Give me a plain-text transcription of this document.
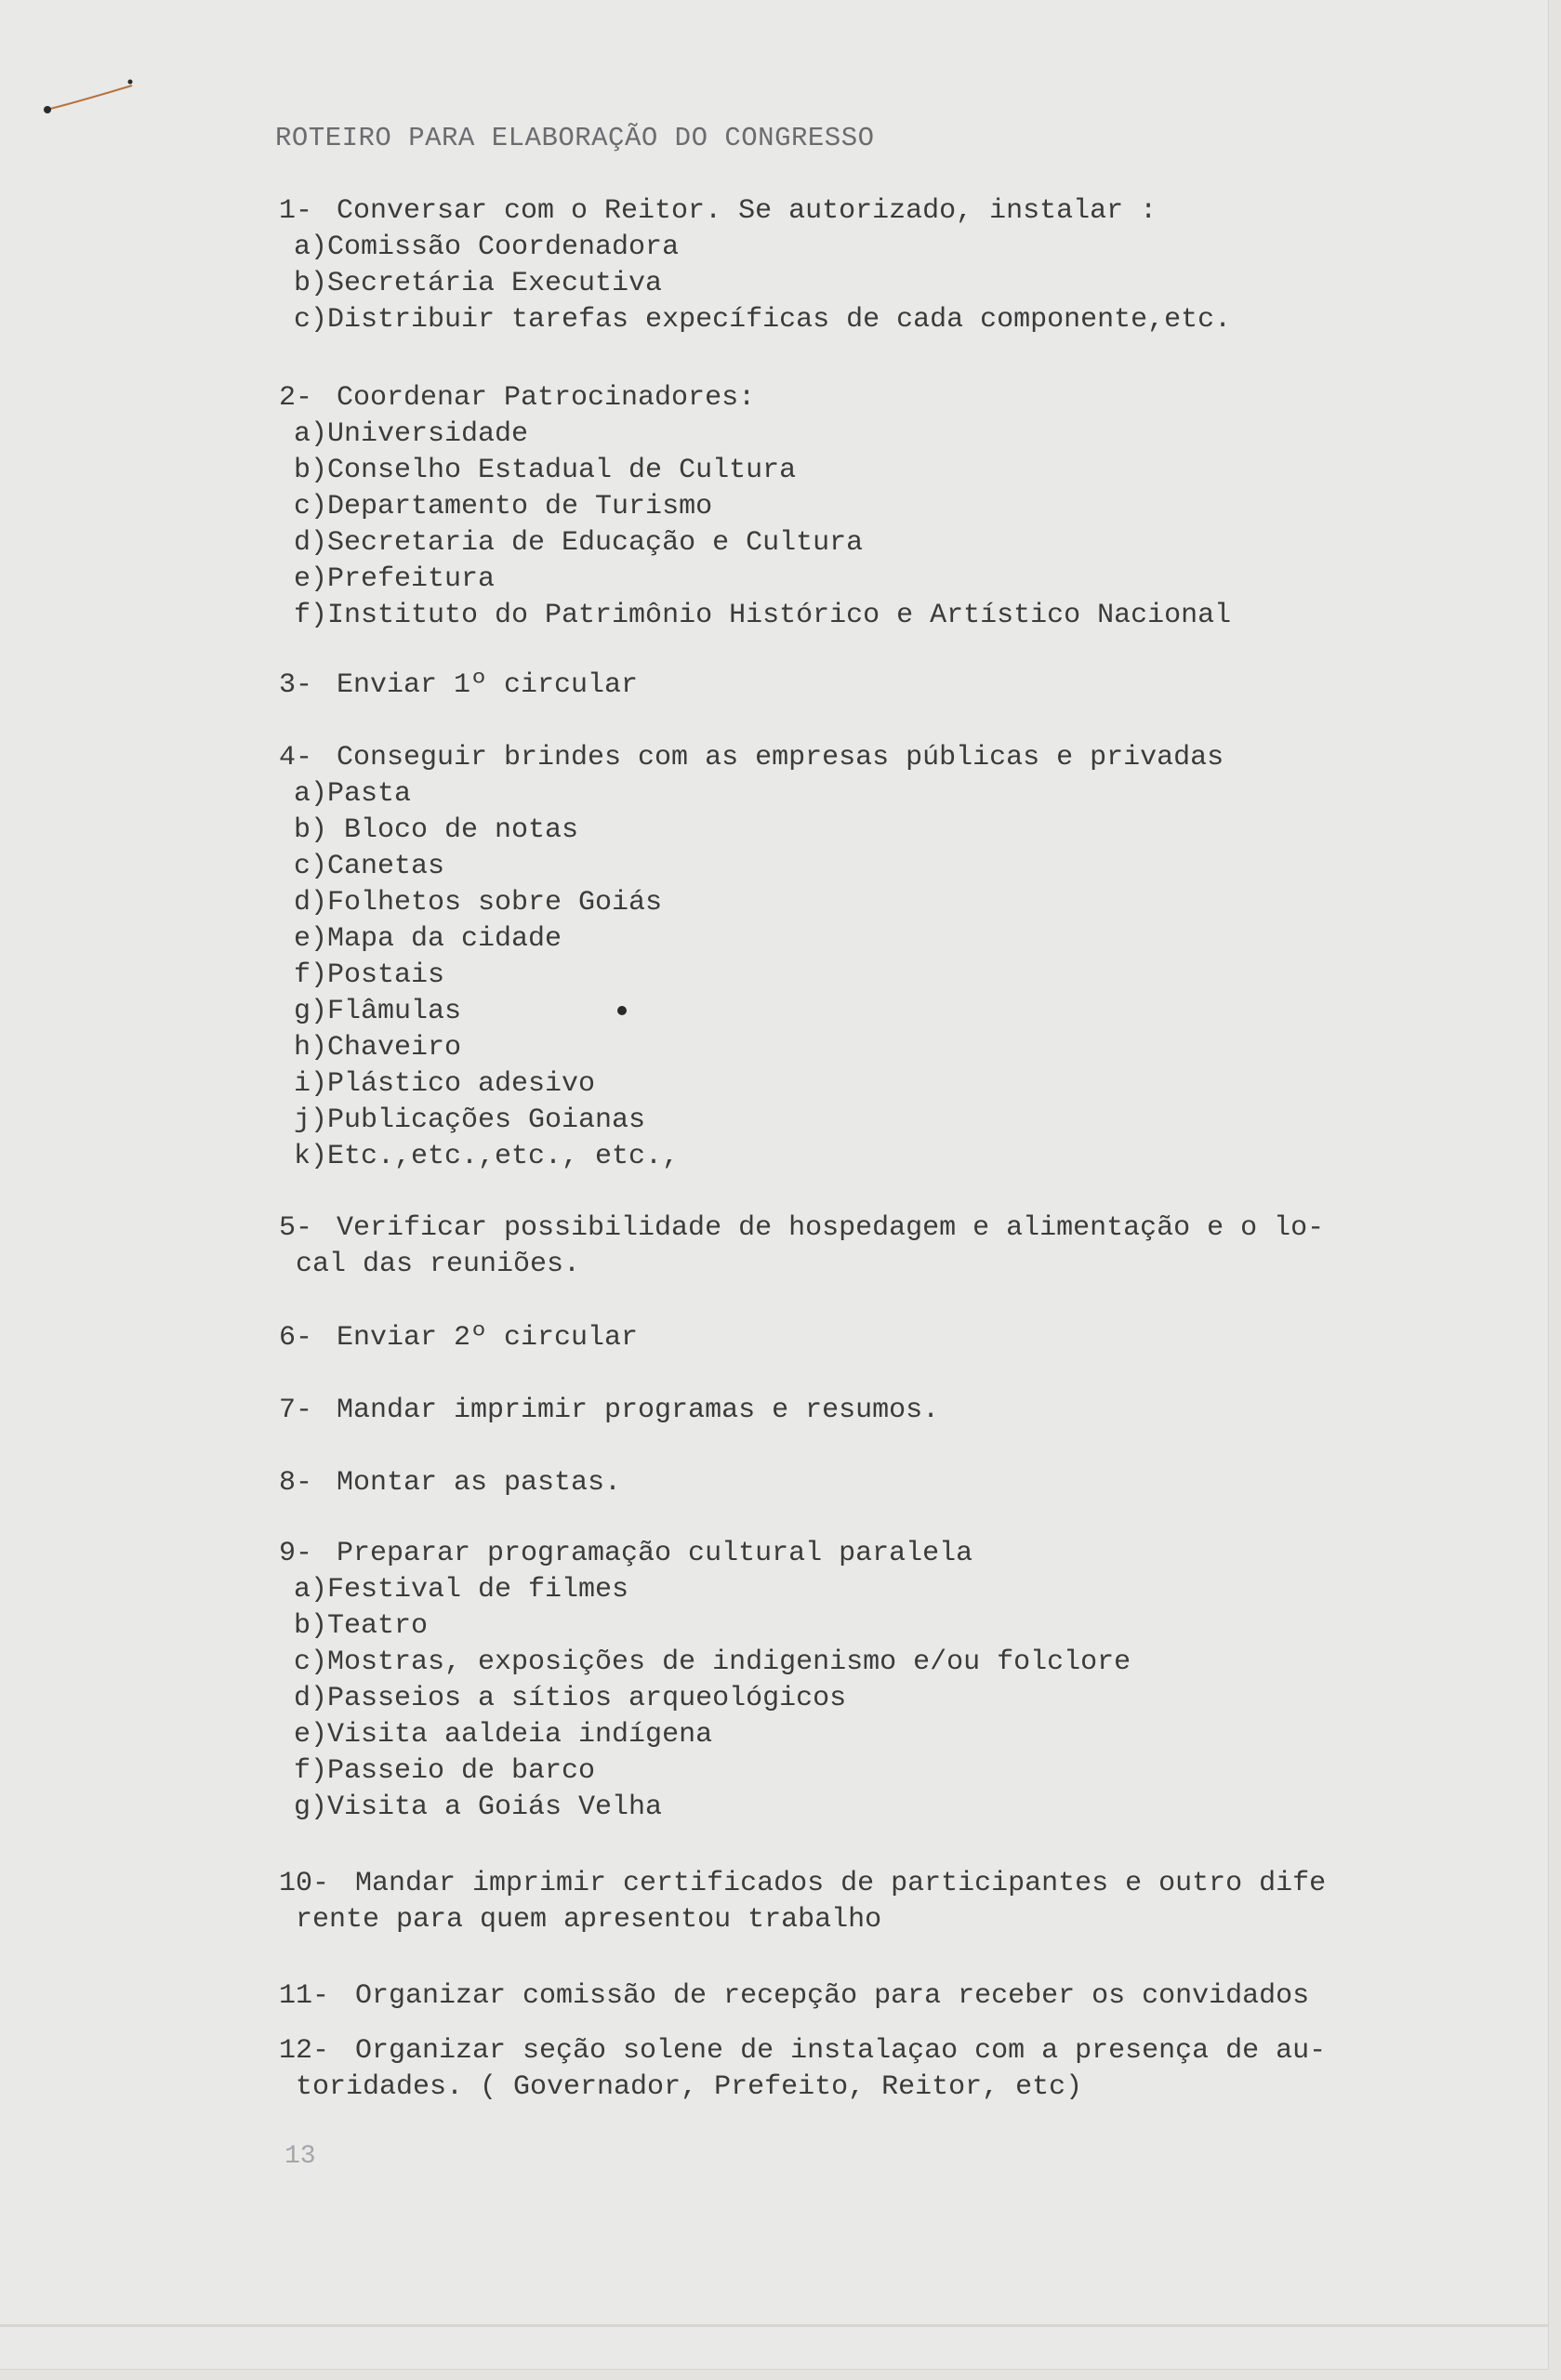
ROTEIRO PARA ELABORAÇÃO DO CONGRESSO
1- Conversar com o Reitor. Se autorizado, instalar :
a)Comissão Coordenadora
b)Secretária Executiva
c)Distribuir tarefas expecíficas de cada componente,etc.
2- Coordenar Patrocinadores:
a)Universidade
b)Conselho Estadual de Cultura
c)Departamento de Turismo
d)Secretaria de Educação e Cultura
e)Prefeitura
f)Instituto do Patrimônio Histórico e Artístico Nacional
3- Enviar 1º circular
4- Conseguir brindes com as empresas públicas e privadas
a)Pasta
b) Bloco de notas
c)Canetas
d)Folhetos sobre Goiás
e)Mapa da cidade
f)Postais
g)Flâmulas
h)Chaveiro
i)Plástico adesivo
j)Publicações Goianas
k)Etc.,etc.,etc., etc.,
5- Verificar possibilidade de hospedagem e alimentação e o lo-
cal das reuniões.
6- Enviar 2º circular
7- Mandar imprimir programas e resumos.
8- Montar as pastas.
9- Preparar programação cultural paralela
a)Festival de filmes
b)Teatro
c)Mostras, exposições de indigenismo e/ou folclore
d)Passeios a sítios arqueológicos
e)Visita aaldeia indígena
f)Passeio de barco
g)Visita a Goiás Velha
10- Mandar imprimir certificados de participantes e outro dife
rente para quem apresentou trabalho
11- Organizar comissão de recepção para receber os convidados
12- Organizar seção solene de instalaçao com a presença de au-
toridades. ( Governador, Prefeito, Reitor, etc)
13
